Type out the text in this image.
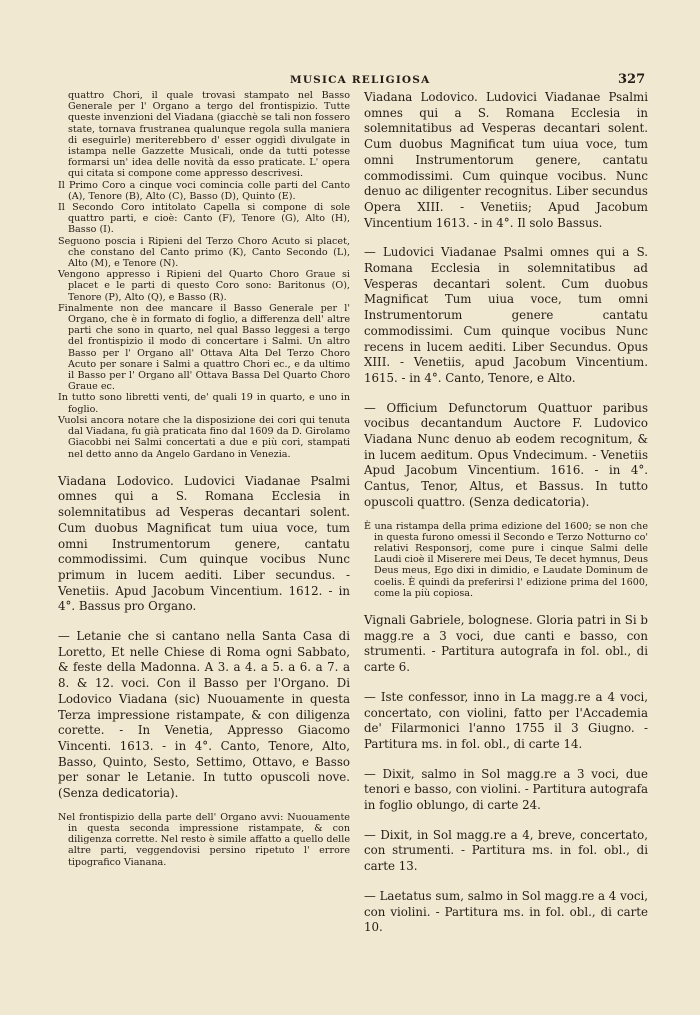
MUSICA RELIGIOSA	327

quattro Chori, il quale trovasi stampato nel Basso Generale per l' Organo a tergo del frontispizio. Tutte queste invenzioni del Viadana (giacchè se tali non fossero state, tornava frustranea qualunque regola sulla maniera di eseguirle) meriterebbero d' esser oggidì divulgate in istampa nelle Gazzette Musicali, onde da tutti potesse formarsi un' idea delle novità da esso praticate. L' opera qui citata si compone come appresso descrivesi.

Il Primo Coro a cinque voci comincia colle parti del Canto (A), Tenore (B), Alto (C), Basso (D), Quinto (E).

Il Secondo Coro intitolato Capella si compone di sole quattro parti, e cioè: Canto (F), Tenore (G), Alto (H), Basso (I).

Seguono poscia i Ripieni del Terzo Choro Acuto si placet, che constano del Canto primo (K), Canto Secondo (L), Alto (M), e Tenore (N).

Vengono appresso i Ripieni del Quarto Choro Graue si placet e le parti di questo Coro sono: Baritonus (O), Tenore (P), Alto (Q), e Basso (R).

Finalmente non dee mancare il Basso Generale per l' Organo, che è in formato di foglio, a differenza dell' altre parti che sono in quarto, nel qual Basso leggesi a tergo del frontispizio il modo di concertare i Salmi. Un altro Basso per l' Organo all' Ottava Alta Del Terzo Choro Acuto per sonare i Salmi a quattro Chori ec., e da ultimo il Basso per l' Organo all' Ottava Bassa Del Quarto Choro Graue ec.

In tutto sono libretti venti, de' quali 19 in quarto, e uno in foglio.

Vuolsi ancora notare che la disposizione dei cori qui tenuta dal Viadana, fu già praticata fino dal 1609 da D. Girolamo Giacobbi nei Salmi concertati a due e più cori, stampati nel detto anno da Angelo Gardano in Venezia.

Viadana Lodovico. Ludovici Viadanae Psalmi omnes qui a S. Romana Ecclesia in solemnitatibus ad Vesperas decantari solent. Cum duobus Magnificat tum uiua voce, tum omni Instrumentorum genere, cantatu commodissimi. Cum quinque vocibus Nunc primum in lucem aediti. Liber secundus. - Venetiis. Apud Jacobum Vincentium. 1612. - in 4°. Bassus pro Organo.

— Letanie che si cantano nella Santa Casa di Loretto, Et nelle Chiese di Roma ogni Sabbato, & feste della Madonna. A 3. a 4. a 5. a 6. a 7. a 8. & 12. voci. Con il Basso per l'Organo. Di Lodovico Viadana (sic) Nuouamente in questa Terza impressione ristampate, & con diligenza corette. - In Venetia, Appresso Giacomo Vincenti. 1613. - in 4°. Canto, Tenore, Alto, Basso, Quinto, Sesto, Settimo, Ottavo, e Basso per sonar le Letanie. In tutto opuscoli nove. (Senza dedicatoria).

Nel frontispizio della parte dell' Organo avvi: Nuouamente in questa seconda impressione ristampate, & con diligenza corrette. Nel resto è simile affatto a quello delle altre parti, veggendovisi persino ripetuto l' errore tipografico Vianana.

Viadana Lodovico. Ludovici Viadanae Psalmi omnes qui a S. Romana Ecclesia in solemnitatibus ad Vesperas decantari solent. Cum duobus Magnificat tum uiua voce, tum omni Instrumentorum genere, cantatu commodissimi. Cum quinque vocibus. Nunc denuo ac diligenter recognitus. Liber secundus Opera XIII. - Venetiis; Apud Jacobum Vincentium 1613. - in 4°. Il solo Bassus.

— Ludovici Viadanae Psalmi omnes qui a S. Romana Ecclesia in solemnitatibus ad Vesperas decantari solent. Cum duobus Magnificat Tum uiua voce, tum omni Instrumentorum genere cantatu commodissimi. Cum quinque vocibus Nunc recens in lucem aediti. Liber Secundus. Opus XIII. - Venetiis, apud Jacobum Vincentium. 1615. - in 4°. Canto, Tenore, e Alto.

— Officium Defunctorum Quattuor paribus vocibus decantandum Auctore F. Ludovico Viadana Nunc denuo ab eodem recognitum, & in lucem aeditum. Opus Vndecimum. - Venetiis Apud Jacobum Vincentium. 1616. - in 4°. Cantus, Tenor, Altus, et Bassus. In tutto opuscoli quattro. (Senza dedicatoria).

È una ristampa della prima edizione del 1600; se non che in questa furono omessi il Secondo e Terzo Notturno co' relativi Responsorj, come pure i cinque Salmi delle Laudi cioè il Miserere mei Deus, Te decet hymnus, Deus Deus meus, Ego dixi in dimidio, e Laudate Dominum de coelis. È quindi da preferirsi l' edizione prima del 1600, come la più copiosa.

Vignali Gabriele, bolognese. Gloria patri in Si b magg.re a 3 voci, due canti e basso, con strumenti. - Partitura autografa in fol. obl., di carte 6.

— Iste confessor, inno in La magg.re a 4 voci, concertato, con violini, fatto per l'Accademia de' Filarmonici l'anno 1755 il 3 Giugno. - Partitura ms. in fol. obl., di carte 14.

— Dixit, salmo in Sol magg.re a 3 voci, due tenori e basso, con violini. - Partitura autografa in foglio oblungo, di carte 24.

— Dixit, in Sol magg.re a 4, breve, concertato, con strumenti. - Partitura ms. in fol. obl., di carte 13.

— Laetatus sum, salmo in Sol magg.re a 4 voci, con violini. - Partitura ms. in fol. obl., di carte 10.
